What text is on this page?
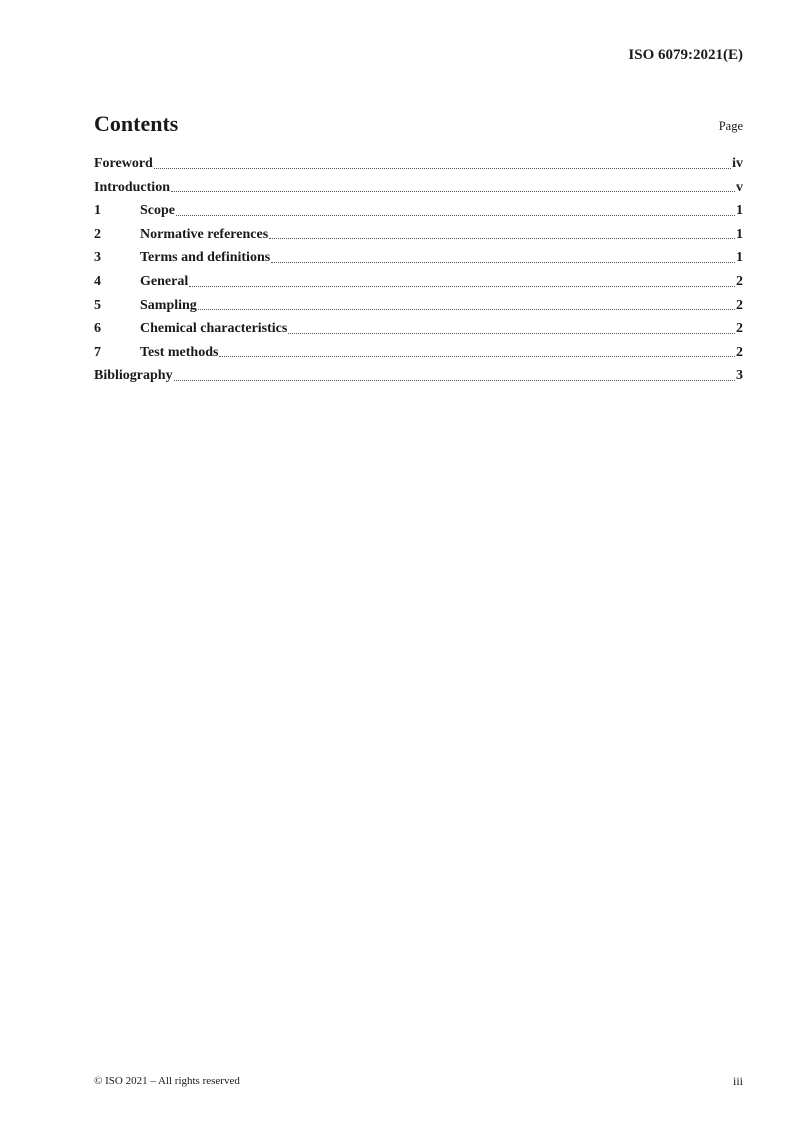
ISO 6079:2021(E)
Contents	Page
Foreword	iv
Introduction	v
1	Scope	1
2	Normative references	1
3	Terms and definitions	1
4	General	2
5	Sampling	2
6	Chemical characteristics	2
7	Test methods	2
Bibliography	3
© ISO 2021 – All rights reserved	iii
